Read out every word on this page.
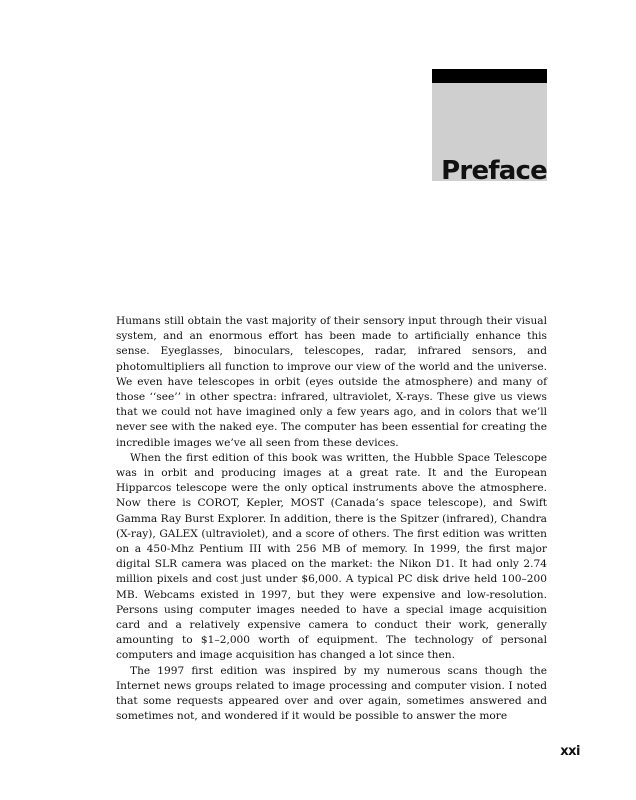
Preface

Humans still obtain the vast majority of their sensory input through their visual system, and an enormous effort has been made to artificially enhance this sense. Eyeglasses, binoculars, telescopes, radar, infrared sensors, and photomultipliers all function to improve our view of the world and the universe. We even have telescopes in orbit (eyes outside the atmosphere) and many of those ‘‘see’’ in other spectra: infrared, ultraviolet, X-rays. These give us views that we could not have imagined only a few years ago, and in colors that we’ll never see with the naked eye. The computer has been essential for creating the incredible images we’ve all seen from these devices.

When the first edition of this book was written, the Hubble Space Telescope was in orbit and producing images at a great rate. It and the European Hipparcos telescope were the only optical instruments above the atmosphere. Now there is COROT, Kepler, MOST (Canada’s space telescope), and Swift Gamma Ray Burst Explorer. In addition, there is the Spitzer (infrared), Chandra (X-ray), GALEX (ultraviolet), and a score of others. The first edition was written on a 450-Mhz Pentium III with 256 MB of memory. In 1999, the first major digital SLR camera was placed on the market: the Nikon D1. It had only 2.74 million pixels and cost just under $6,000. A typical PC disk drive held 100–200 MB. Webcams existed in 1997, but they were expensive and low-resolution. Persons using computer images needed to have a special image acquisition card and a relatively expensive camera to conduct their work, generally amounting to $1–2,000 worth of equipment. The technology of personal computers and image acquisition has changed a lot since then.

The 1997 first edition was inspired by my numerous scans though the Internet news groups related to image processing and computer vision. I noted that some requests appeared over and over again, sometimes answered and sometimes not, and wondered if it would be possible to answer the more

xxi
